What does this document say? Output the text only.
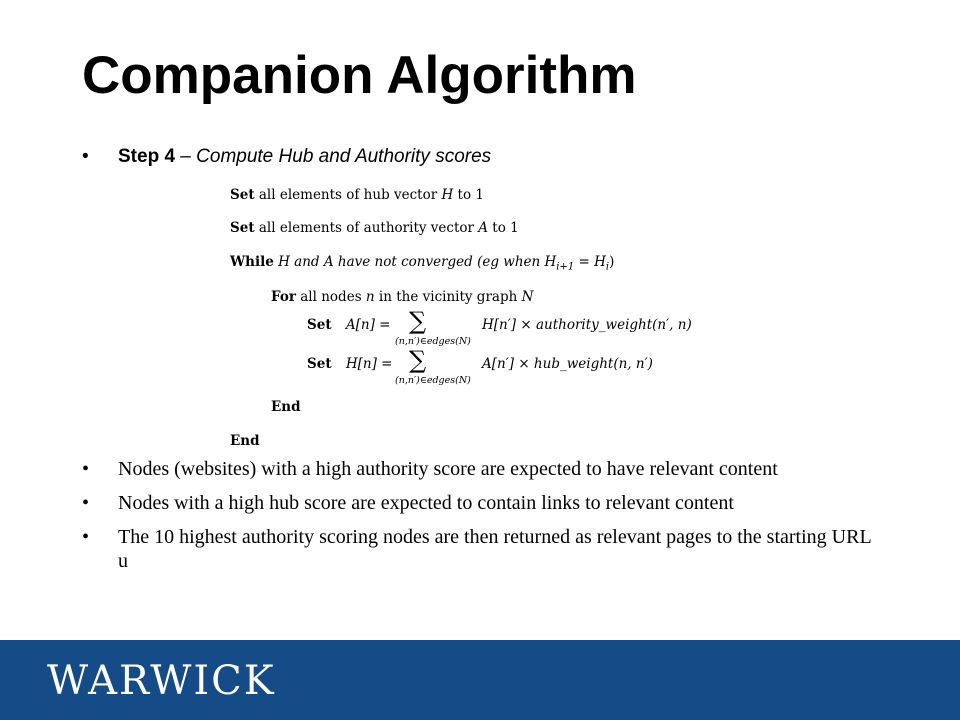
Companion Algorithm
• Step 4 – Compute Hub and Authority scores
Set all elements of hub vector H to 1
Set all elements of authority vector A to 1
While H and A have not converged (eg when $H_{i+1} = H_i$)
For all nodes n in the vicinity graph N
Set A[n] = ∑
(n,n′)∈edges(N)
H[n′] × authority_weight(n′, n)
Set H[n] = ∑
(n,n′)∈edges(N)
A[n′] × hub_weight(n, n′)
End
End
• Nodes (websites) with a high authority score are expected to have relevant content
• Nodes with a high hub score are expected to contain links to relevant content
• The 10 highest authority scoring nodes are then returned as relevant pages to the starting URL u
WARWICK
